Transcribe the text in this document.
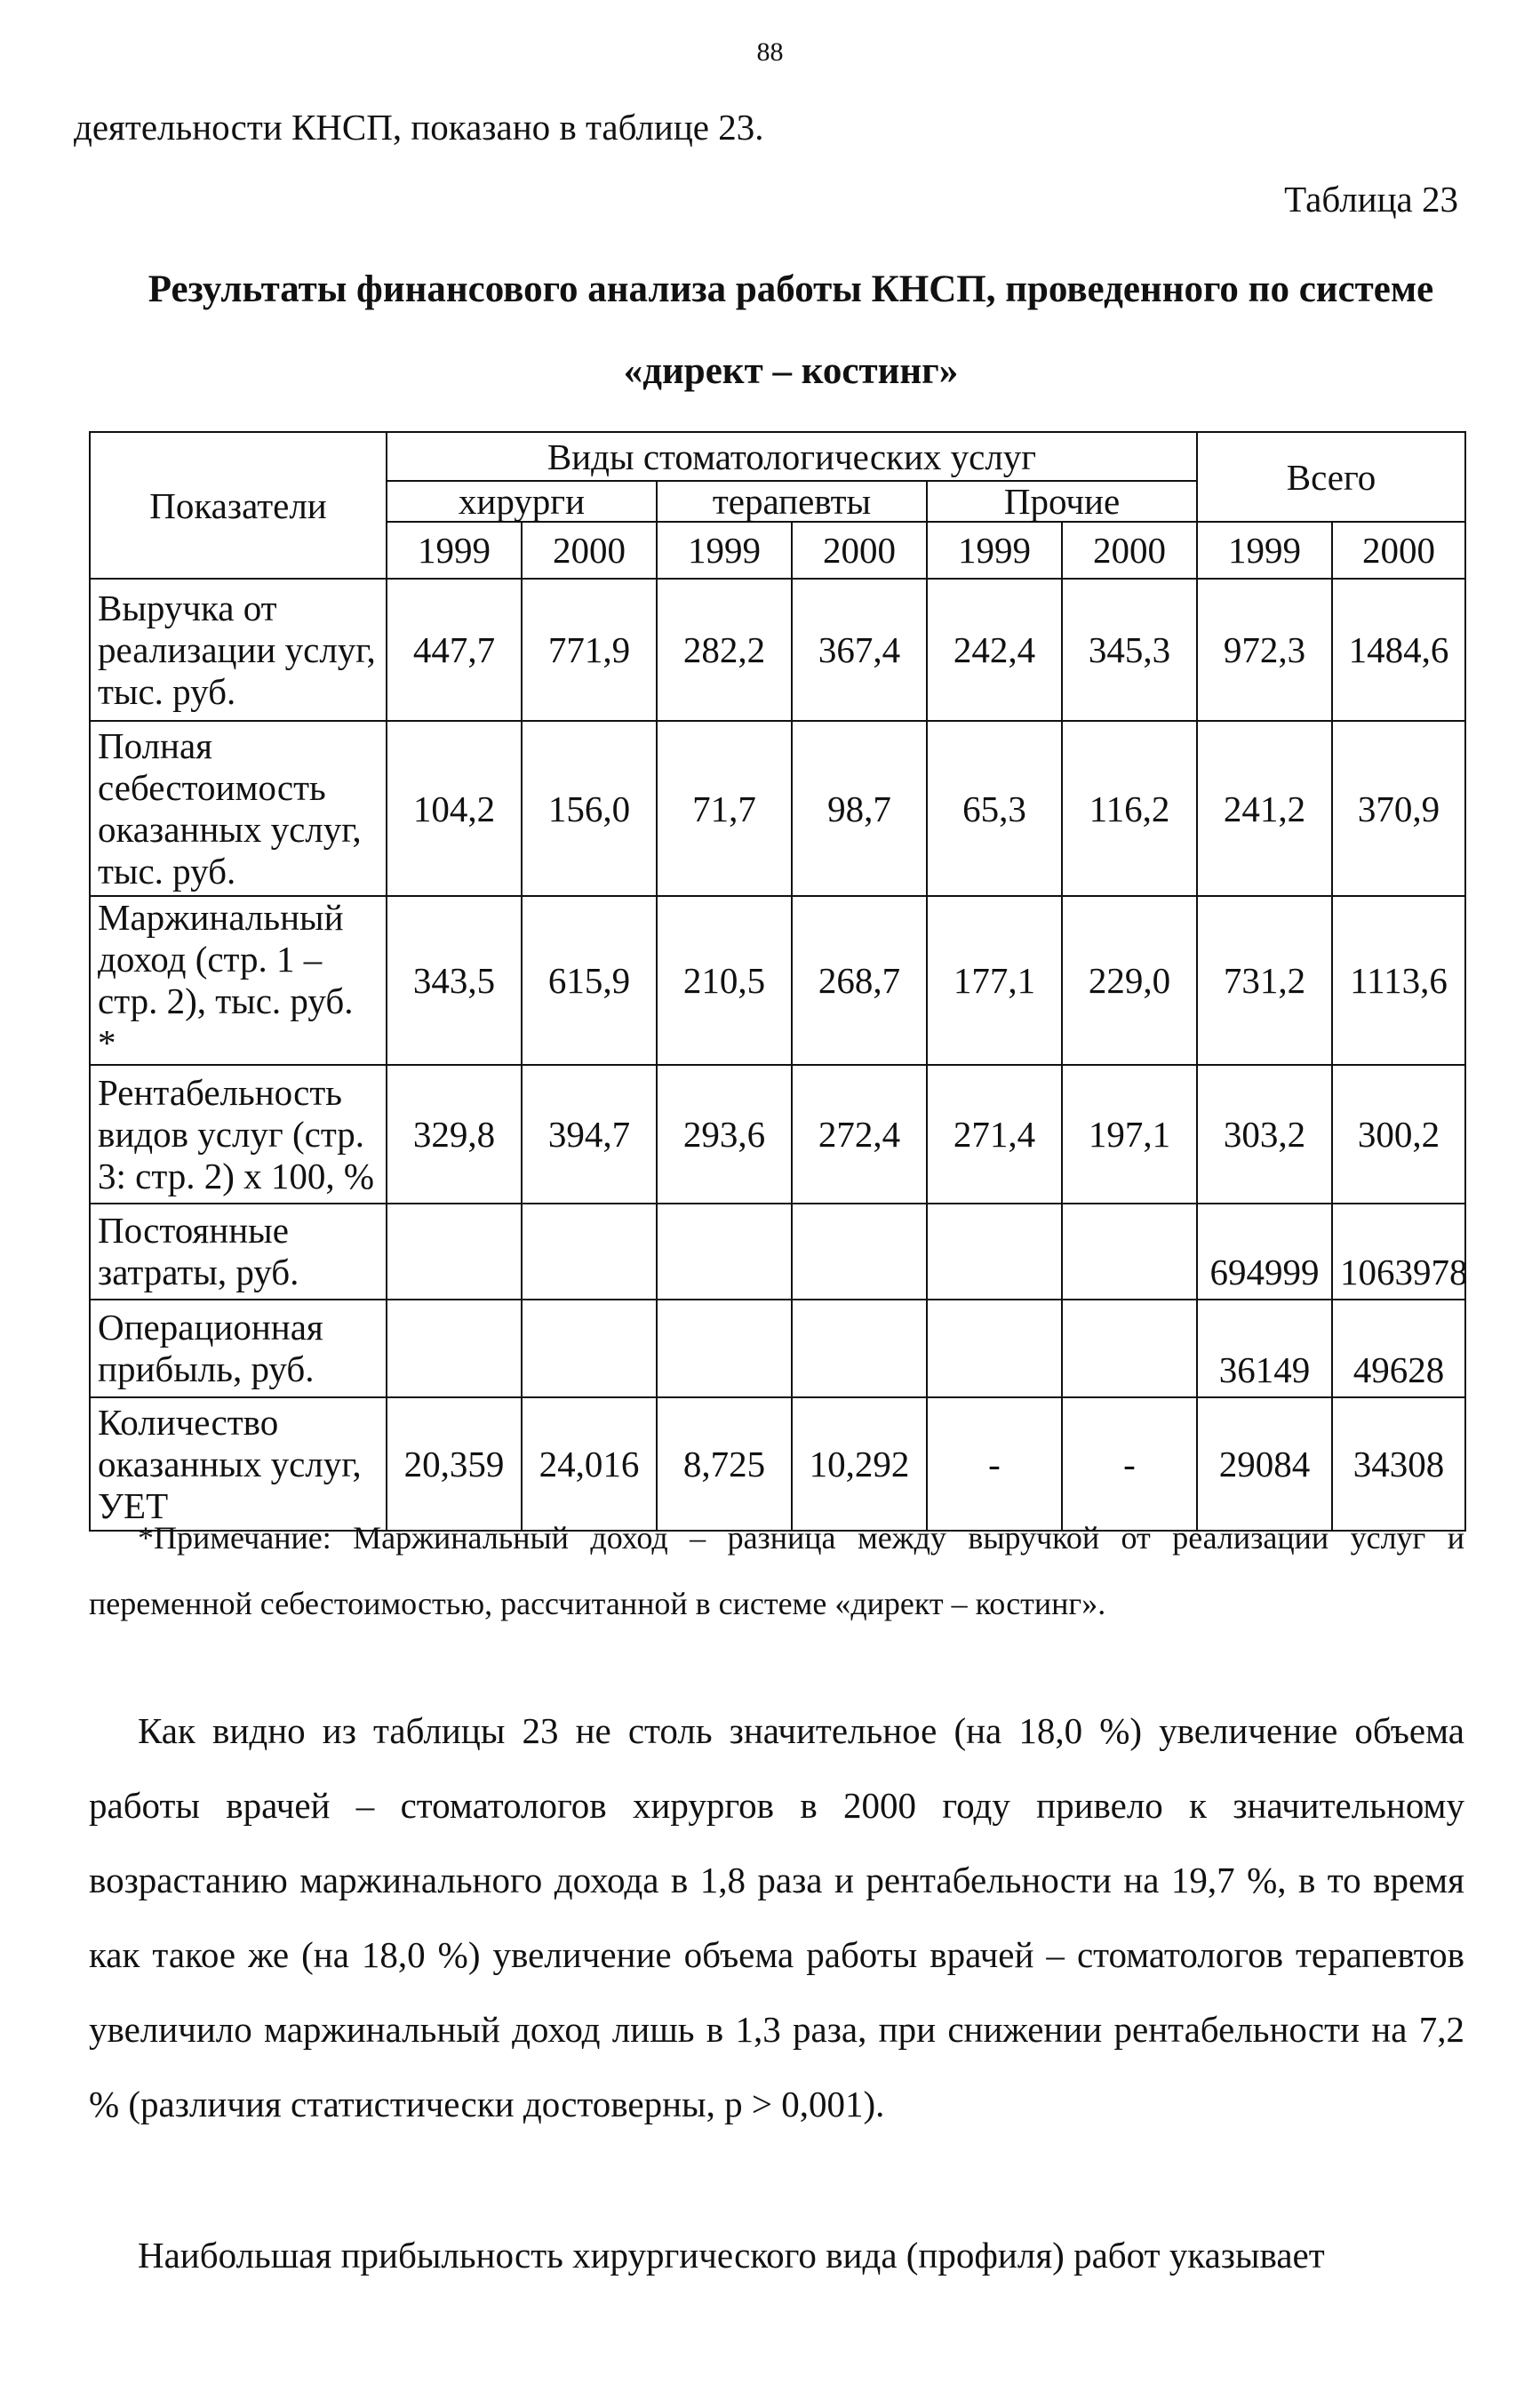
88
деятельности КНСП, показано в таблице 23.
Таблица 23
Результаты финансового анализа работы КНСП, проведенного по системе «директ – костинг»
Показатели	Виды стоматологических услуг						Всего	
	хирурги		терапевты		Прочие			
	1999	2000	1999	2000	1999	2000	1999	2000
Выручка от реализации услуг, тыс. руб.	447,7	771,9	282,2	367,4	242,4	345,3	972,3	1484,6
Полная себестоимость оказанных услуг, тыс. руб.	104,2	156,0	71,7	98,7	65,3	116,2	241,2	370,9
Маржинальный доход (стр. 1 – стр. 2), тыс. руб. *	343,5	615,9	210,5	268,7	177,1	229,0	731,2	1113,6
Рентабельность видов услуг (стр. 3: стр. 2) х 100, %	329,8	394,7	293,6	272,4	271,4	197,1	303,2	300,2
Постоянные затраты, руб.							694999	1063978
Операционная прибыль, руб.							36149	49628
Количество оказанных услуг, УЕТ	20,359	24,016	8,725	10,292	-	-	29084	34308
*Примечание: Маржинальный доход – разница между выручкой от реализации услуг и переменной себестоимостью, рассчитанной в системе «директ – костинг».
Как видно из таблицы 23 не столь значительное (на 18,0 %) увеличение объема работы врачей – стоматологов хирургов в 2000 году привело к значительному возрастанию маржинального дохода в 1,8 раза и рентабельности на 19,7 %, в то время как такое же (на 18,0 %) увеличение объема работы врачей – стоматологов терапевтов увеличило маржинальный доход лишь в 1,3 раза, при снижении рентабельности на 7,2 % (различия статистически достоверны, р > 0,001).
Наибольшая прибыльность хирургического вида (профиля) работ указывает
